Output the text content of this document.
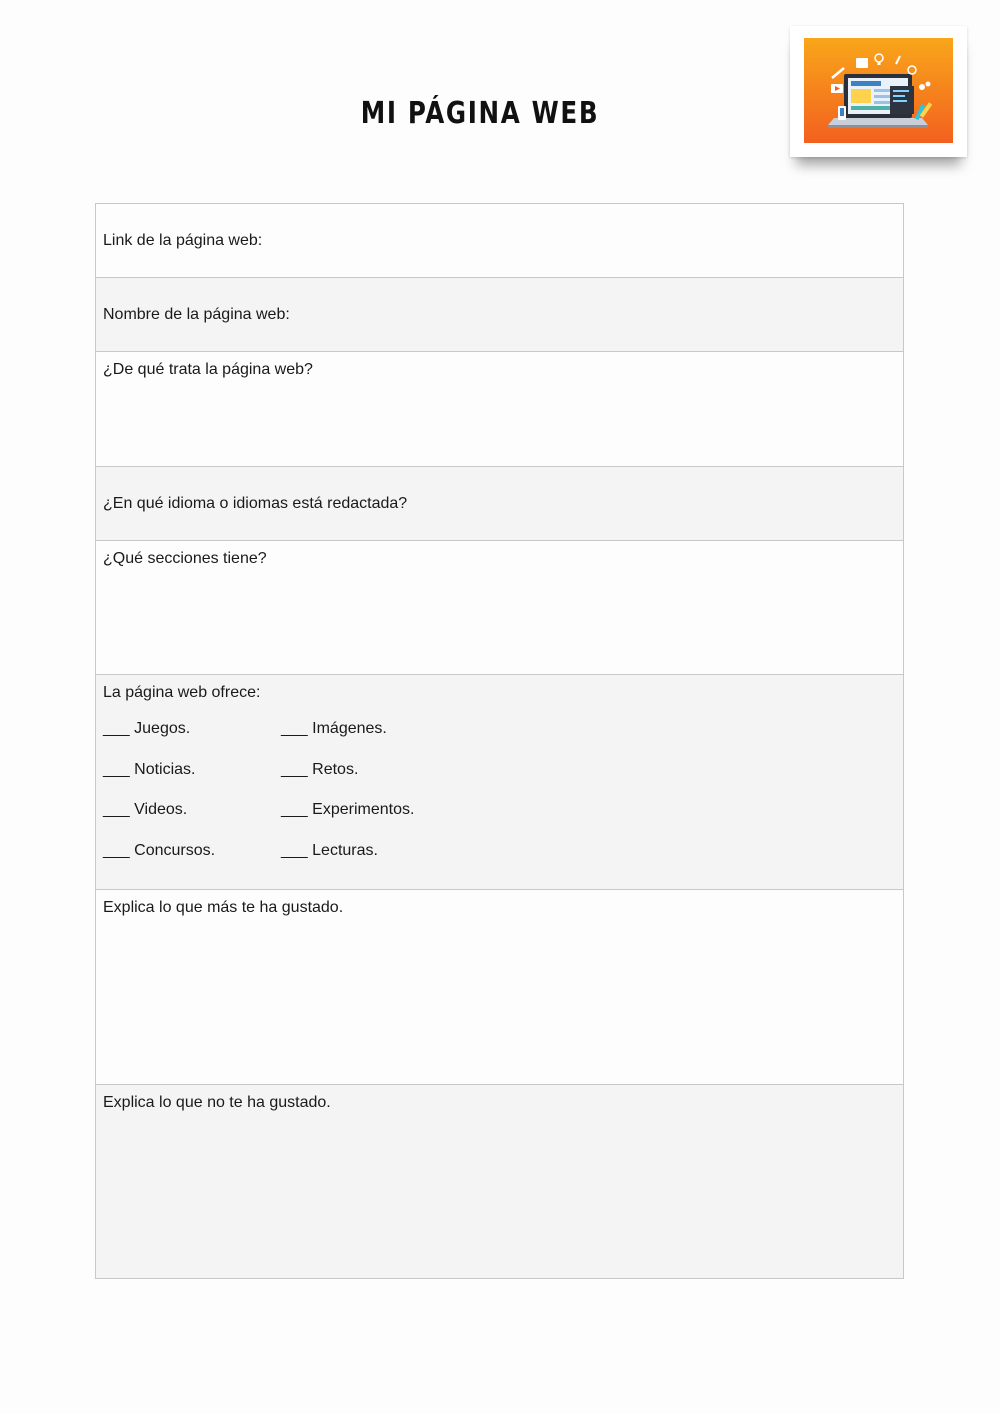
MI PÁGINA WEB
Link de la página web:
Nombre de la página web:
¿De qué trata la página web?
¿En qué idioma o idiomas está redactada?
¿Qué secciones tiene?
La página web ofrece:
___ Juegos.	___ Imágenes.
___ Noticias.	___ Retos.
___ Videos.	___ Experimentos.
___ Concursos.	___ Lecturas.
Explica lo que más te ha gustado.
Explica lo que no te ha gustado.
